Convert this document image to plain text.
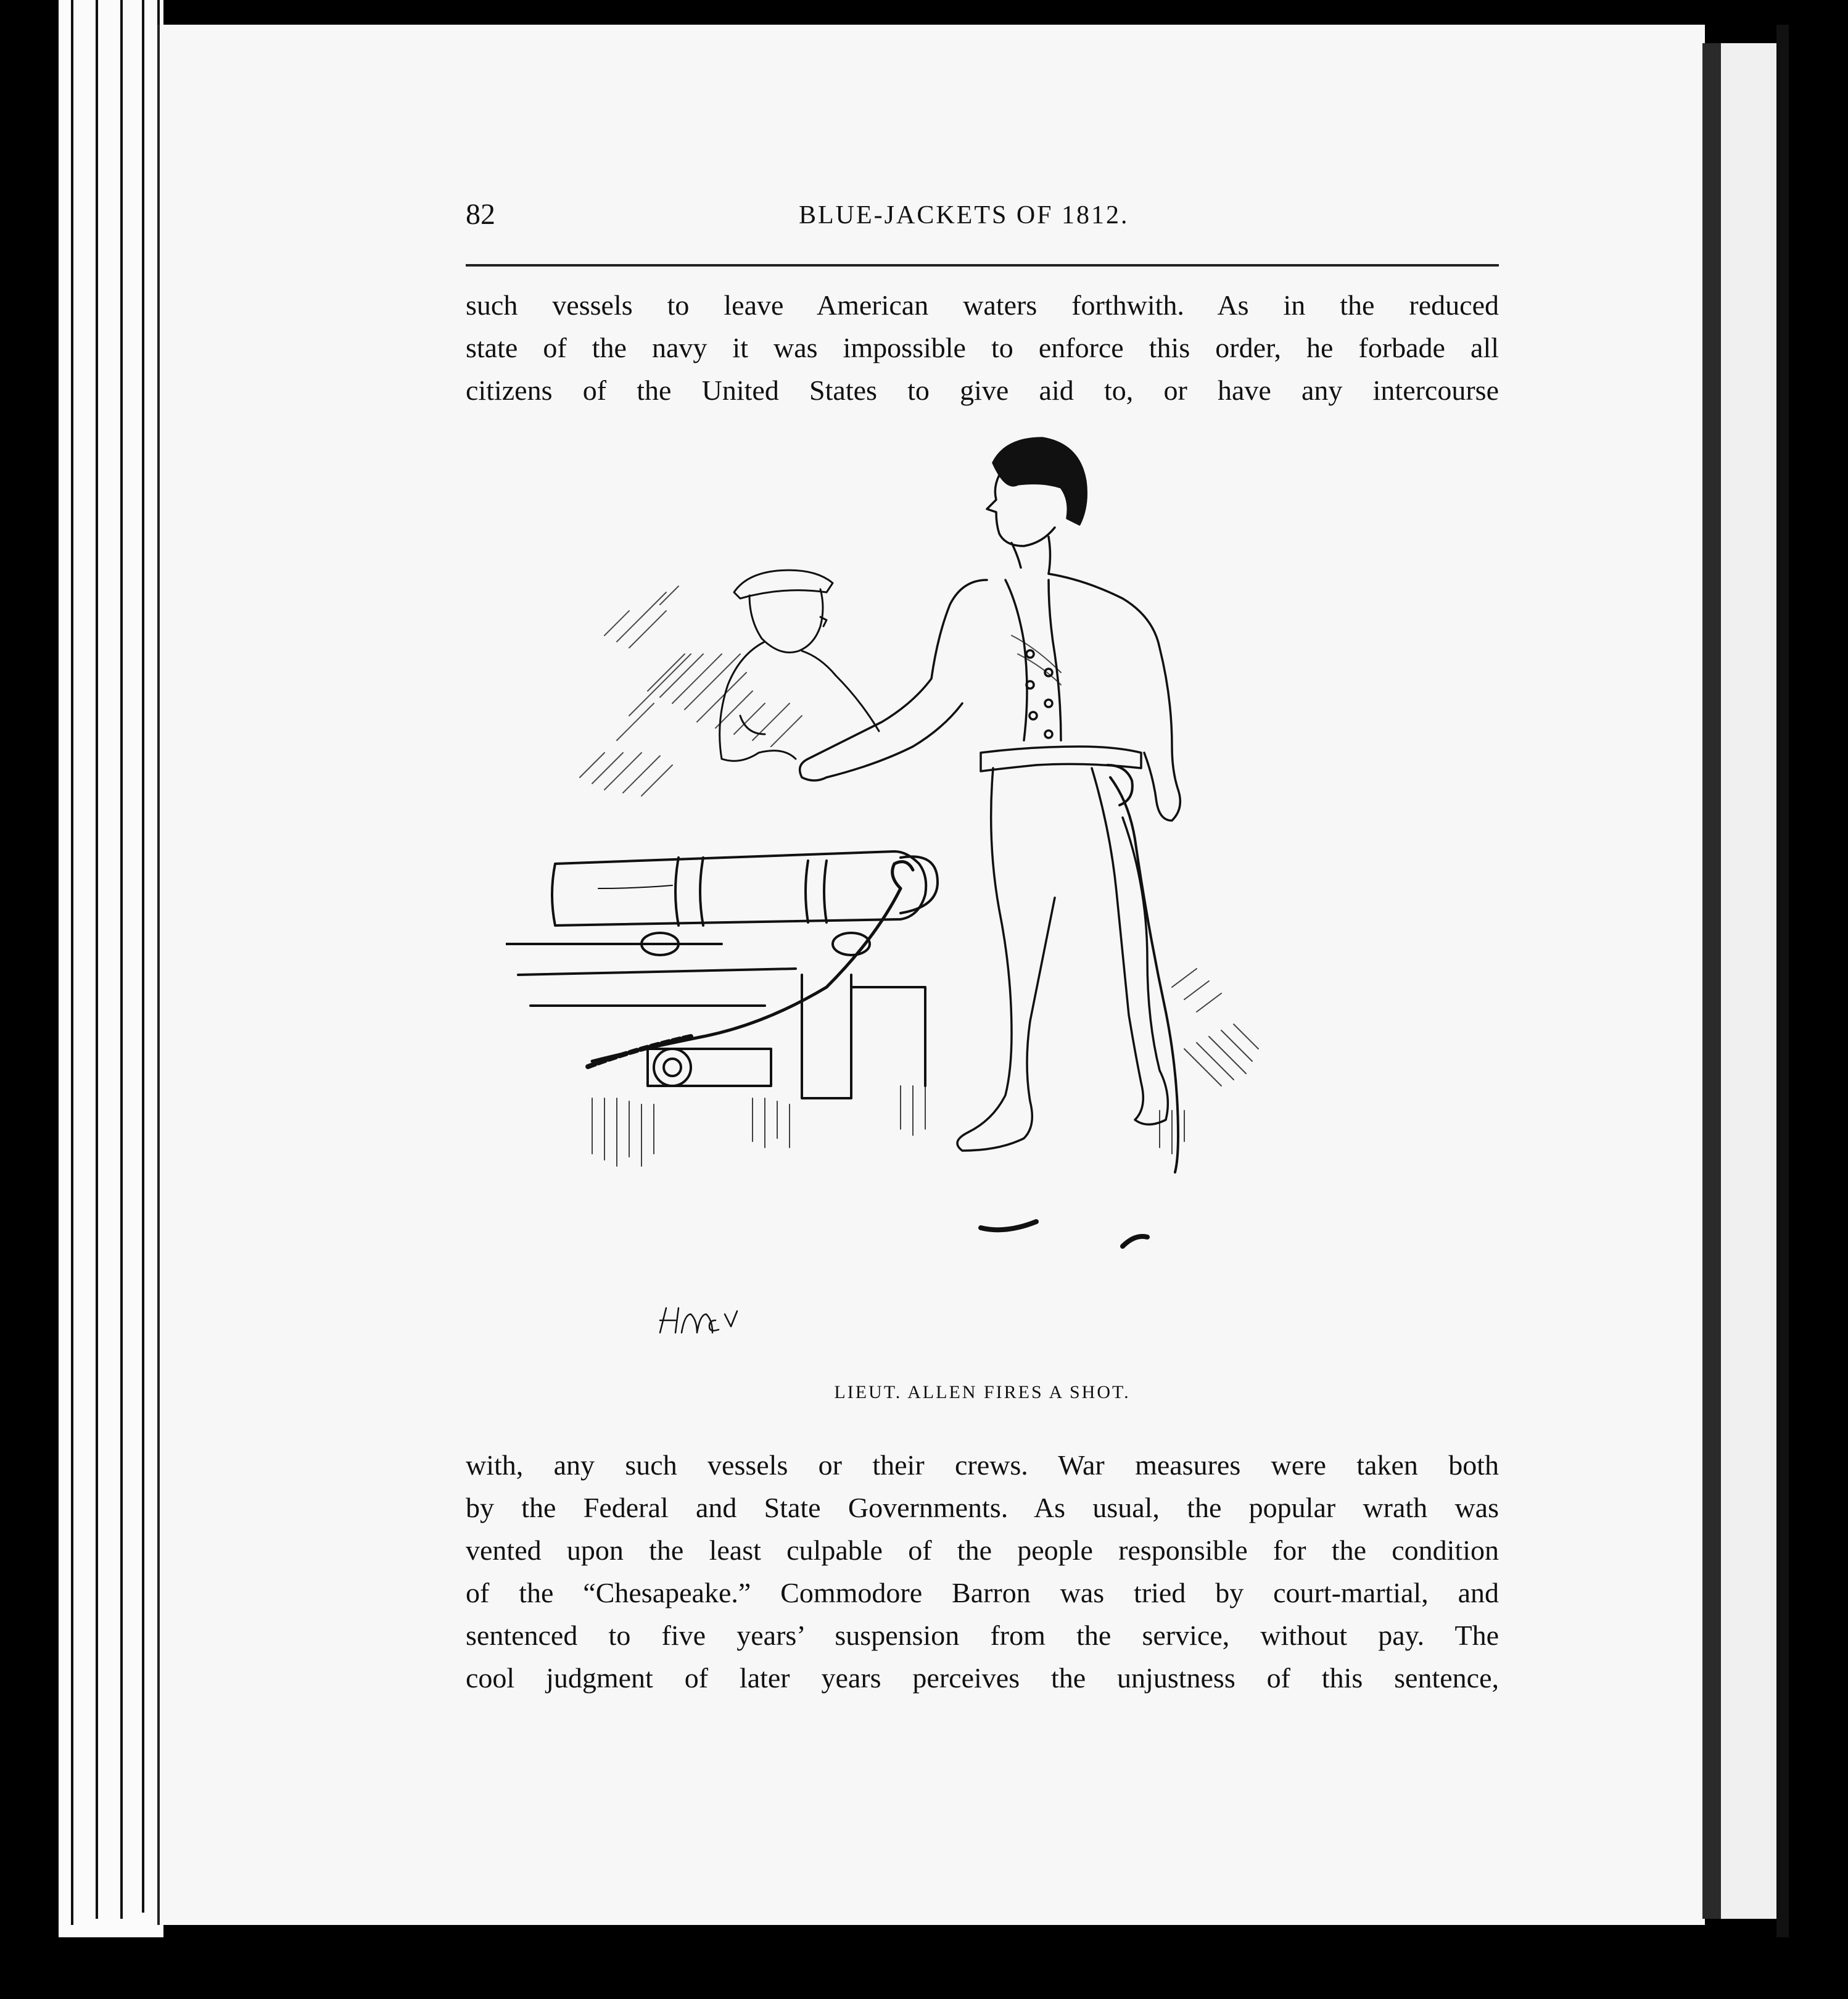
82	BLUE-JACKETS OF 1812.
such vessels to leave American waters forthwith. As in the reduced
state of the navy it was impossible to enforce this order, he forbade all
citizens of the United States to give aid to, or have any intercourse
LIEUT. ALLEN FIRES A SHOT.
with, any such vessels or their crews. War measures were taken both
by the Federal and State Governments. As usual, the popular wrath was
vented upon the least culpable of the people responsible for the condition
of the “Chesapeake.” Commodore Barron was tried by court-martial, and
sentenced to five years’ suspension from the service, without pay. The
cool judgment of later years perceives the unjustness of this sentence,
